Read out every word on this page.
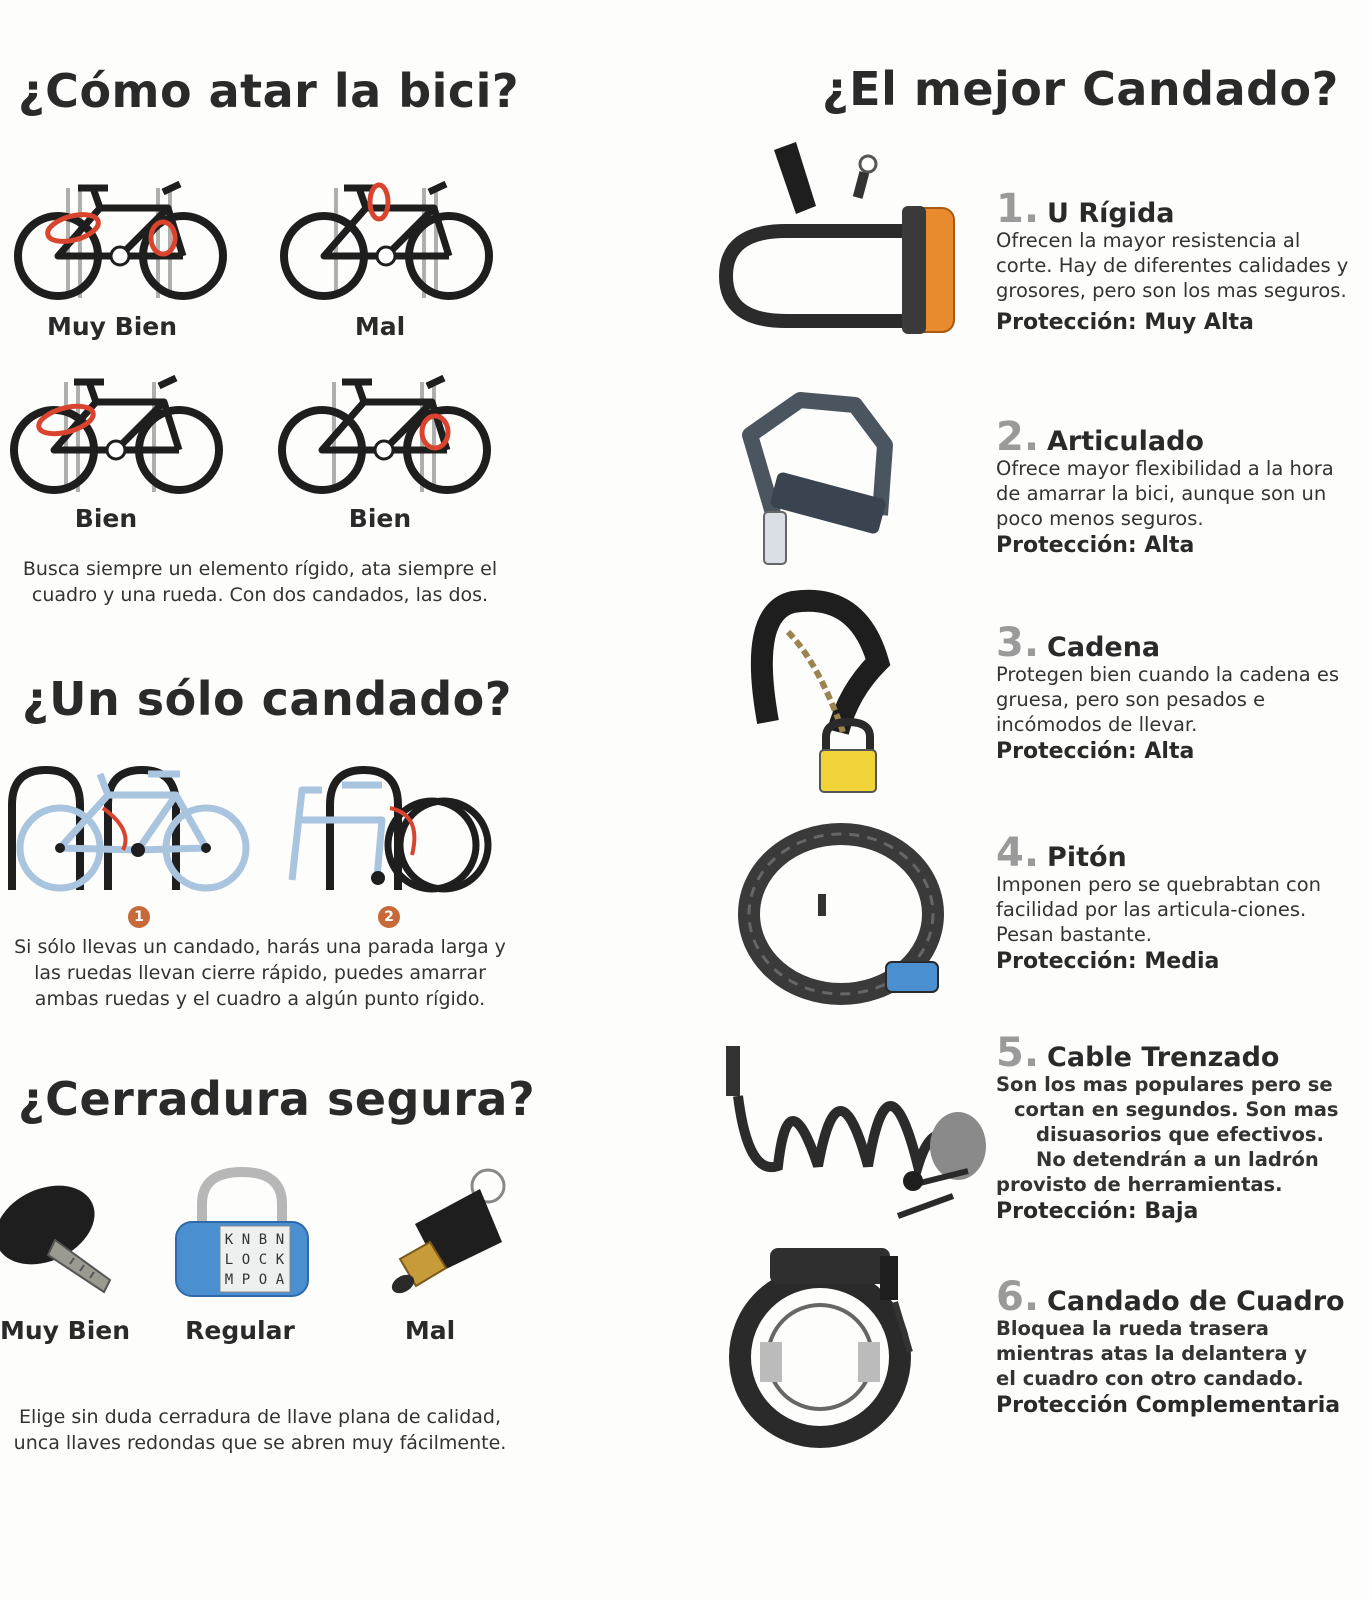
¿Cómo atar la bici?
Muy Bien	Mal
Bien	Bien
Busca siempre un elemento rígido, ata siempre el cuadro y una rueda. Con dos candados, las dos.
¿Un sólo candado?
1	2
Si sólo llevas un candado, harás una parada larga y las ruedas llevan cierre rápido, puedes amarrar ambas ruedas y el cuadro a algún punto rígido.
¿Cerradura segura?
K N B N
L O C K
M P O A
Muy Bien	Regular	Mal
Elige sin duda cerradura de llave plana de calidad, unca llaves redondas que se abren muy fácilmente.
¿El mejor Candado?
1. U Rígida
Ofrecen la mayor resistencia al corte. Hay de diferentes calidades y grosores, pero son los mas seguros.
Protección: Muy Alta
2. Articulado
Ofrece mayor flexibilidad a la hora de amarrar la bici, aunque son un poco menos seguros.
Protección: Alta
3. Cadena
Protegen bien cuando la cadena es gruesa, pero son pesados e incómodos de llevar.
Protección: Alta
4. Pitón
Imponen pero se quebrabtan con facilidad por las articula-ciones. Pesan bastante.
Protección: Media
5. Cable Trenzado
Son los mas populares pero se
cortan en segundos. Son mas
disuasorios que efectivos.
No detendrán a un ladrón
provisto de herramientas.
Protección: Baja
6. Candado de Cuadro
Bloquea la rueda trasera mientras atas la delantera y el cuadro con otro candado.
Protección Complementaria
